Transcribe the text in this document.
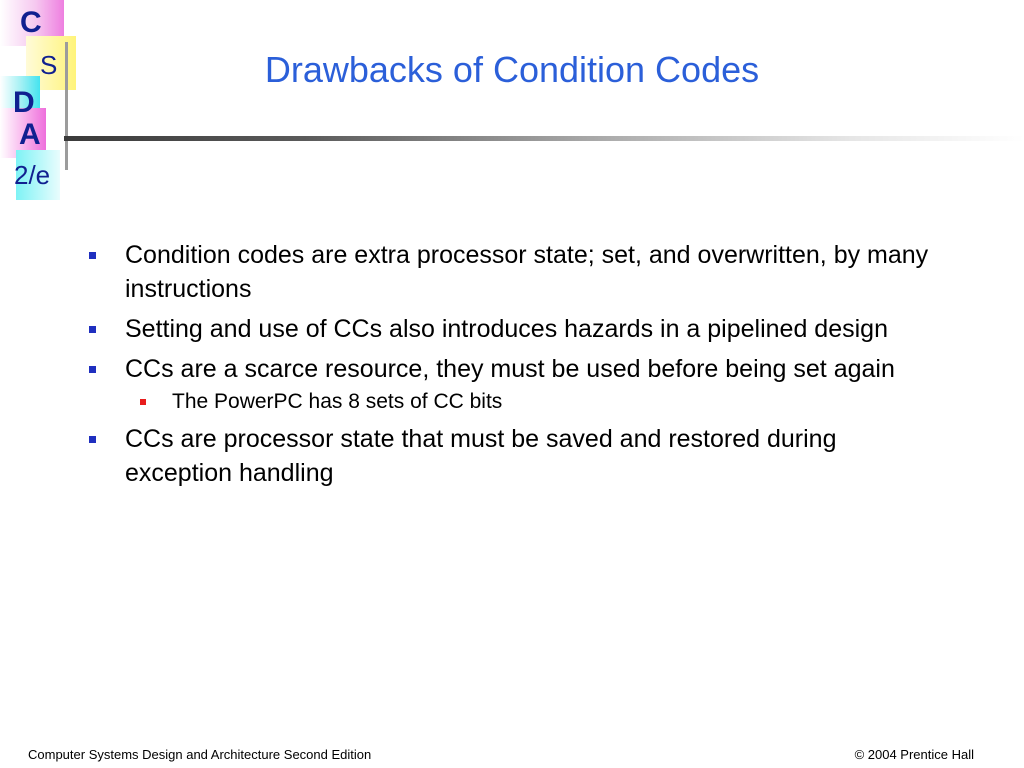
C
S
D
A
2/e
Drawbacks of Condition Codes
Condition codes are extra processor state; set, and overwritten, by many instructions
Setting and use of CCs also introduces hazards in a pipelined design
CCs are a scarce resource, they must be used before being set again
The PowerPC has 8 sets of CC bits
CCs are processor state that must be saved and restored during exception handling
Computer Systems Design and Architecture Second Edition	© 2004 Prentice Hall
